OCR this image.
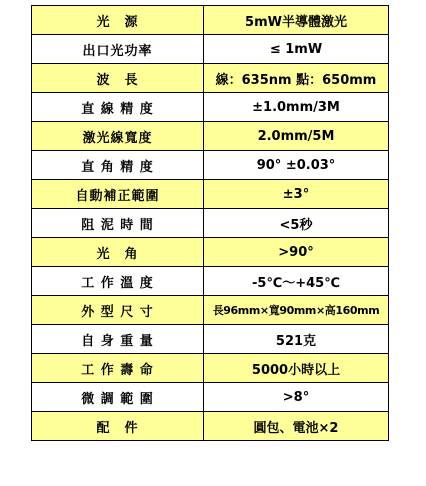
光　源	5mW半導體激光
出口光功率	≤ 1mW
波　長	線：635nm 點：650mm
直 線 精 度	±1.0mm/3M
激光線寬度	2.0mm/5M
直 角 精 度	90° ±0.03°
自動補正範圍	±3°
阻 泥 時 間	<5秒
光　角	>90°
工 作 溫 度	-5℃～+45℃
外 型 尺 寸	長96mm×寬90mm×高160mm
自 身 重 量	521克
工 作 壽 命	5000小時以上
微 調 範 圍	>8°
配　件	圓包、電池×2
